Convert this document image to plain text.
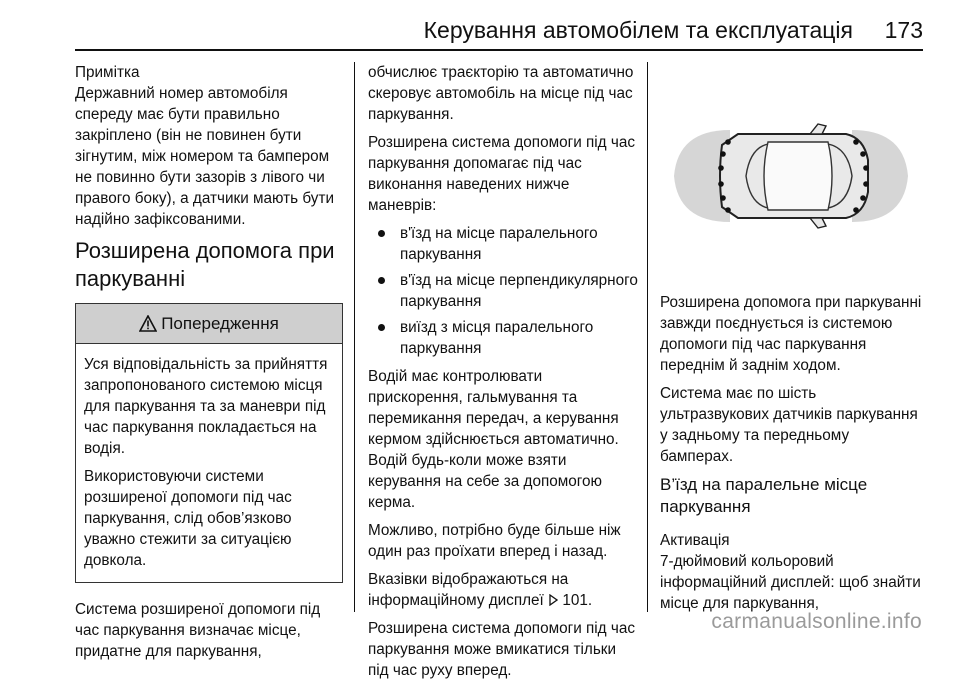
Керування автомобілем та експлуатація 173
Примітка

Державний номер автомобіля спереду має бути правильно закріплено (він не повинен бути зігнутим, між номером та бампером не повинно бути зазорів з лівого чи правого боку), а датчики мають бути надійно зафіксованими.

Розширена допомога при
паркуванні
Попередження

Уся відповідальність за прийняття запропонованого системою місця для паркування та за маневри під час паркування покладається на водія.

Використовуючи системи розширеної допомоги під час паркування, слід обов’язково уважно стежити за ситуацією довкола.

Система розширеної допомоги під час паркування визначає місце, придатне для паркування,

обчислює траєкторію та автоматично скеровує автомобіль на місце під час паркування.

Розширена система допомоги під час паркування допомагає під час виконання наведених нижче маневрів:

в'їзд на місце паралельного паркування
в'їзд на місце перпендикулярного паркування
виїзд з місця паралельного паркування

Водій має контролювати прискорення, гальмування та перемикання передач, а керування кермом здійснюється автоматично. Водій будь-коли може взяти керування на себе за допомогою керма.

Можливо, потрібно буде більше ніж один раз проїхати вперед і назад.

Вказівки відображаються на інформаційному дисплеї 101.

Розширена система допомоги під час паркування може вмикатися тільки під час руху вперед.

Розширена допомога при паркуванні завжди поєднується із системою допомоги під час паркування переднім й заднім ходом.

Система має по шість ультразвукових датчиків паркування у задньому та передньому бамперах.

В’їзд на паралельне місце
паркування
Активація

7-дюймовий кольоровий інформаційний дисплей: щоб знайти місце для паркування,

carmanualsonline.info
